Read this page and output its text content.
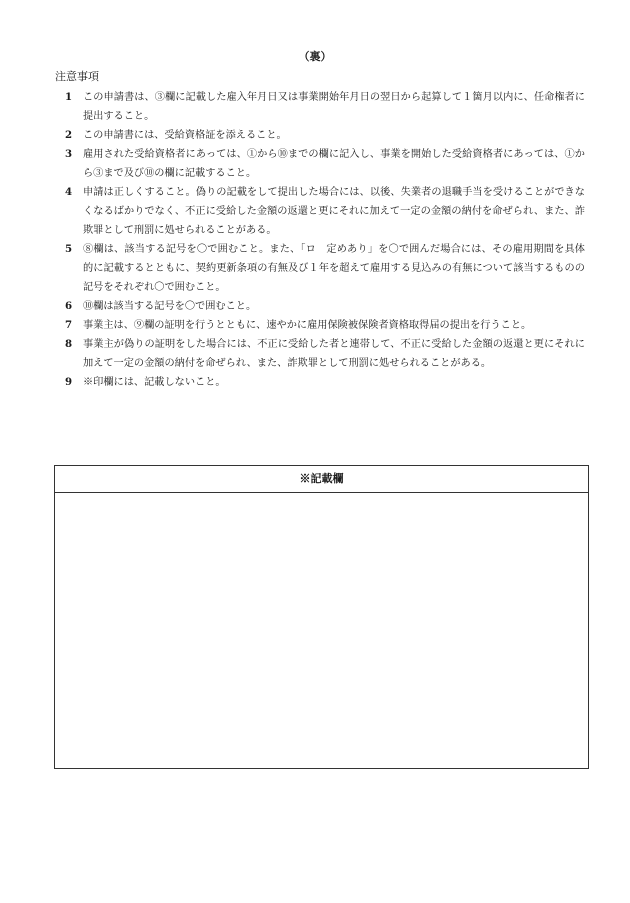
（裏）
注意事項
1	この申請書は、③欄に記載した雇入年月日又は事業開始年月日の翌日から起算して１箇月以内に、任命権者に提出すること。
2	この申請書には、受給資格証を添えること。
3	雇用された受給資格者にあっては、①から⑩までの欄に記入し、事業を開始した受給資格者にあっては、①から③まで及び⑩の欄に記載すること。
4	申請は正しくすること。偽りの記載をして提出した場合には、以後、失業者の退職手当を受けることができなくなるばかりでなく、不正に受給した金額の返還と更にそれに加えて一定の金額の納付を命ぜられ、また、詐欺罪として刑罰に処せられることがある。
5	⑧欄は、該当する記号を〇で囲むこと。また、「ロ　定めあり」を〇で囲んだ場合には、その雇用期間を具体的に記載するとともに、契約更新条項の有無及び１年を超えて雇用する見込みの有無について該当するものの記号をそれぞれ〇で囲むこと。
6	⑩欄は該当する記号を〇で囲むこと。
7	事業主は、⑨欄の証明を行うとともに、速やかに雇用保険被保険者資格取得届の提出を行うこと。
8	事業主が偽りの証明をした場合には、不正に受給した者と連帯して、不正に受給した金額の返還と更にそれに加えて一定の金額の納付を命ぜられ、また、詐欺罪として刑罰に処せられることがある。
9	※印欄には、記載しないこと。
※記載欄
